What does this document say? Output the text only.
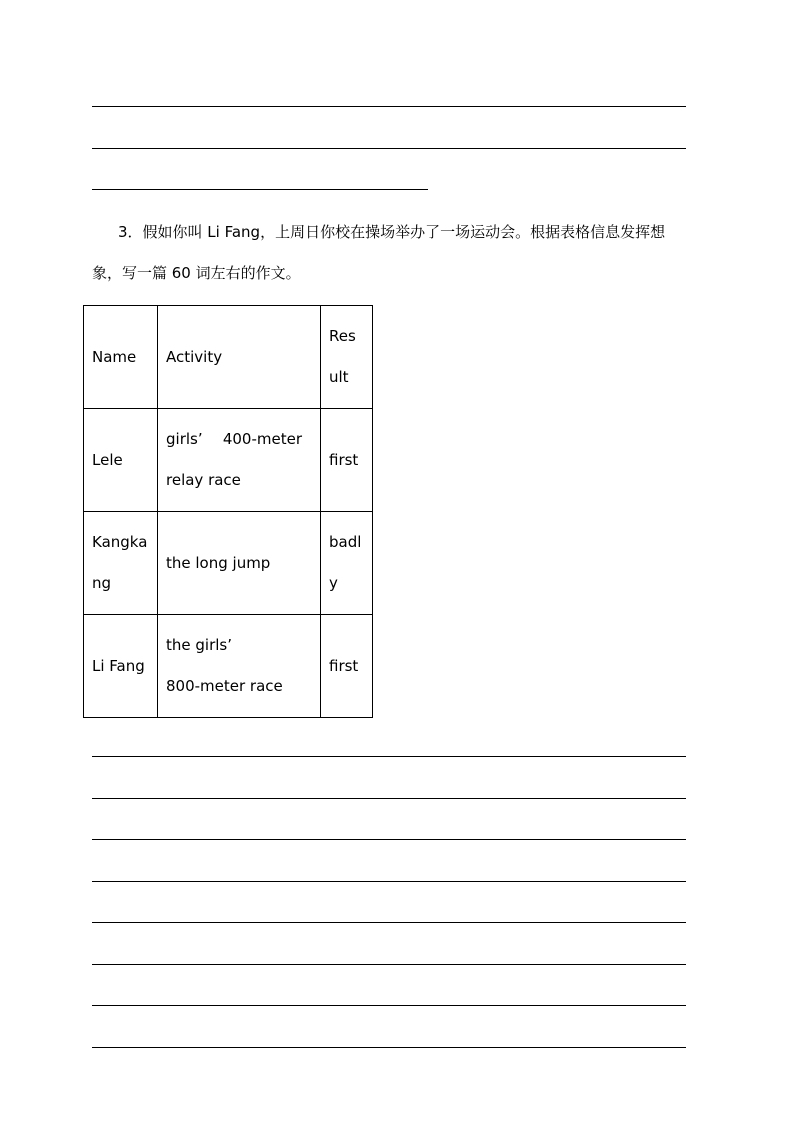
3．假如你叫 Li Fang，上周日你校在操场举办了一场运动会。根据表格信息发挥想
象，写一篇 60 词左右的作文。

Name	Activity	Res
ult

Lele	girls’ 400-meter
relay race	first

Kangka
ng	the long jump	badl
y

Li Fang	the girls’
800-meter race	first
